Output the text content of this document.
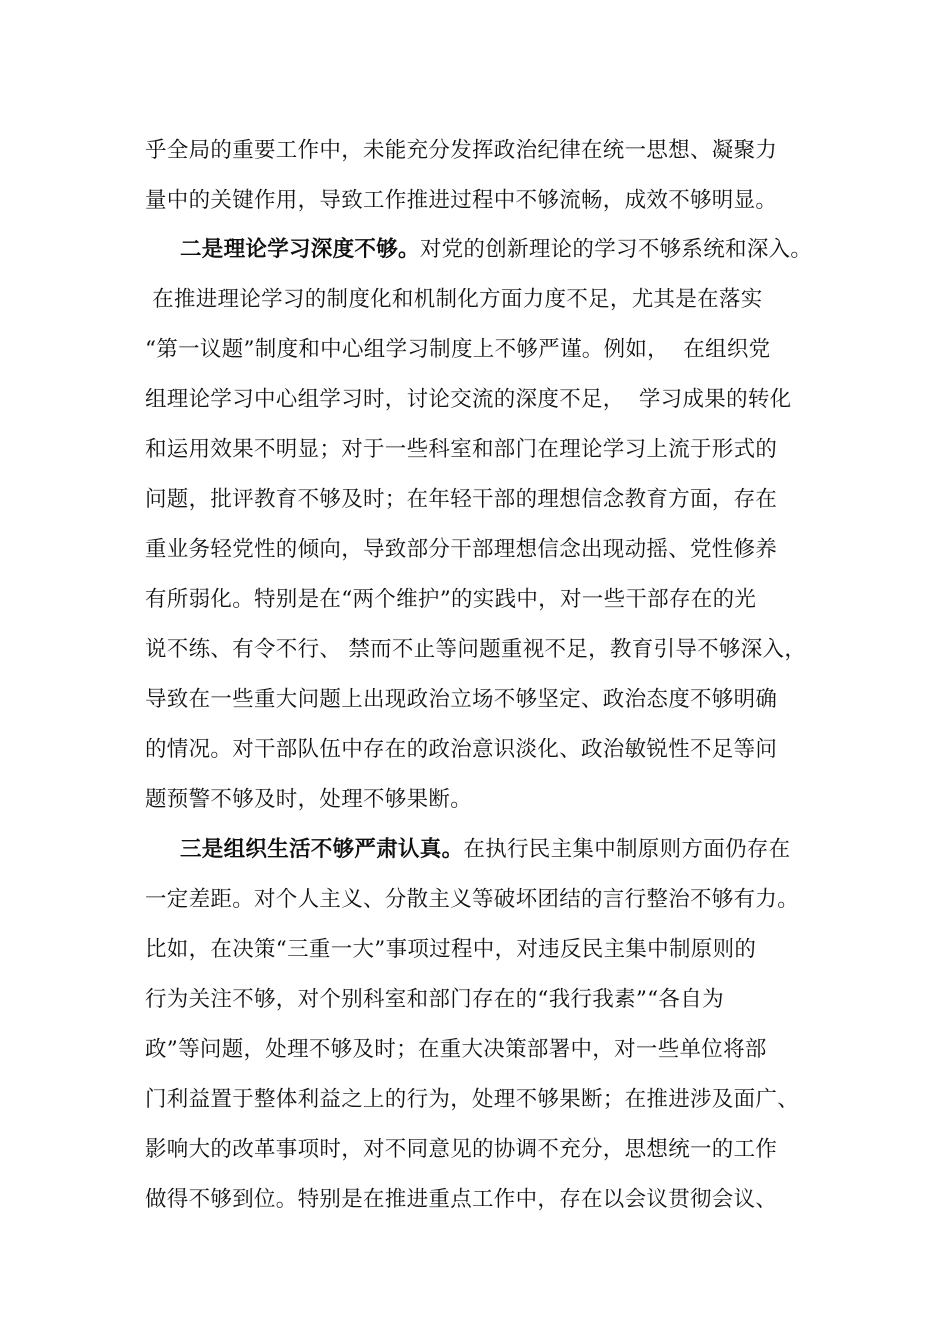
乎全局的重要工作中，未能充分发挥政治纪律在统一思想、凝聚力
量中的关键作用，导致工作推进过程中不够流畅，成效不够明显。
二是理论学习深度不够。对党的创新理论的学习不够系统和深入。
在推进理论学习的制度化和机制化方面力度不足，尤其是在落实
“第一议题”制度和中心组学习制度上不够严谨。例如，  在组织党
组理论学习中心组学习时，讨论交流的深度不足，  学习成果的转化
和运用效果不明显；对于一些科室和部门在理论学习上流于形式的
问题，批评教育不够及时；在年轻干部的理想信念教育方面，存在
重业务轻党性的倾向，导致部分干部理想信念出现动摇、党性修养
有所弱化。特别是在“两个维护”的实践中，对一些干部存在的光
说不练、有令不行、 禁而不止等问题重视不足，教育引导不够深入，
导致在一些重大问题上出现政治立场不够坚定、政治态度不够明确
的情况。对干部队伍中存在的政治意识淡化、政治敏锐性不足等问
题预警不够及时，处理不够果断。
三是组织生活不够严肃认真。在执行民主集中制原则方面仍存在
一定差距。对个人主义、分散主义等破坏团结的言行整治不够有力。
比如，在决策“三重一大”事项过程中，对违反民主集中制原则的
行为关注不够，对个别科室和部门存在的“我行我素”“各自为
政”等问题，处理不够及时；在重大决策部署中，对一些单位将部
门利益置于整体利益之上的行为，处理不够果断；在推进涉及面广、
影响大的改革事项时，对不同意见的协调不充分，思想统一的工作
做得不够到位。特别是在推进重点工作中，存在以会议贯彻会议、
